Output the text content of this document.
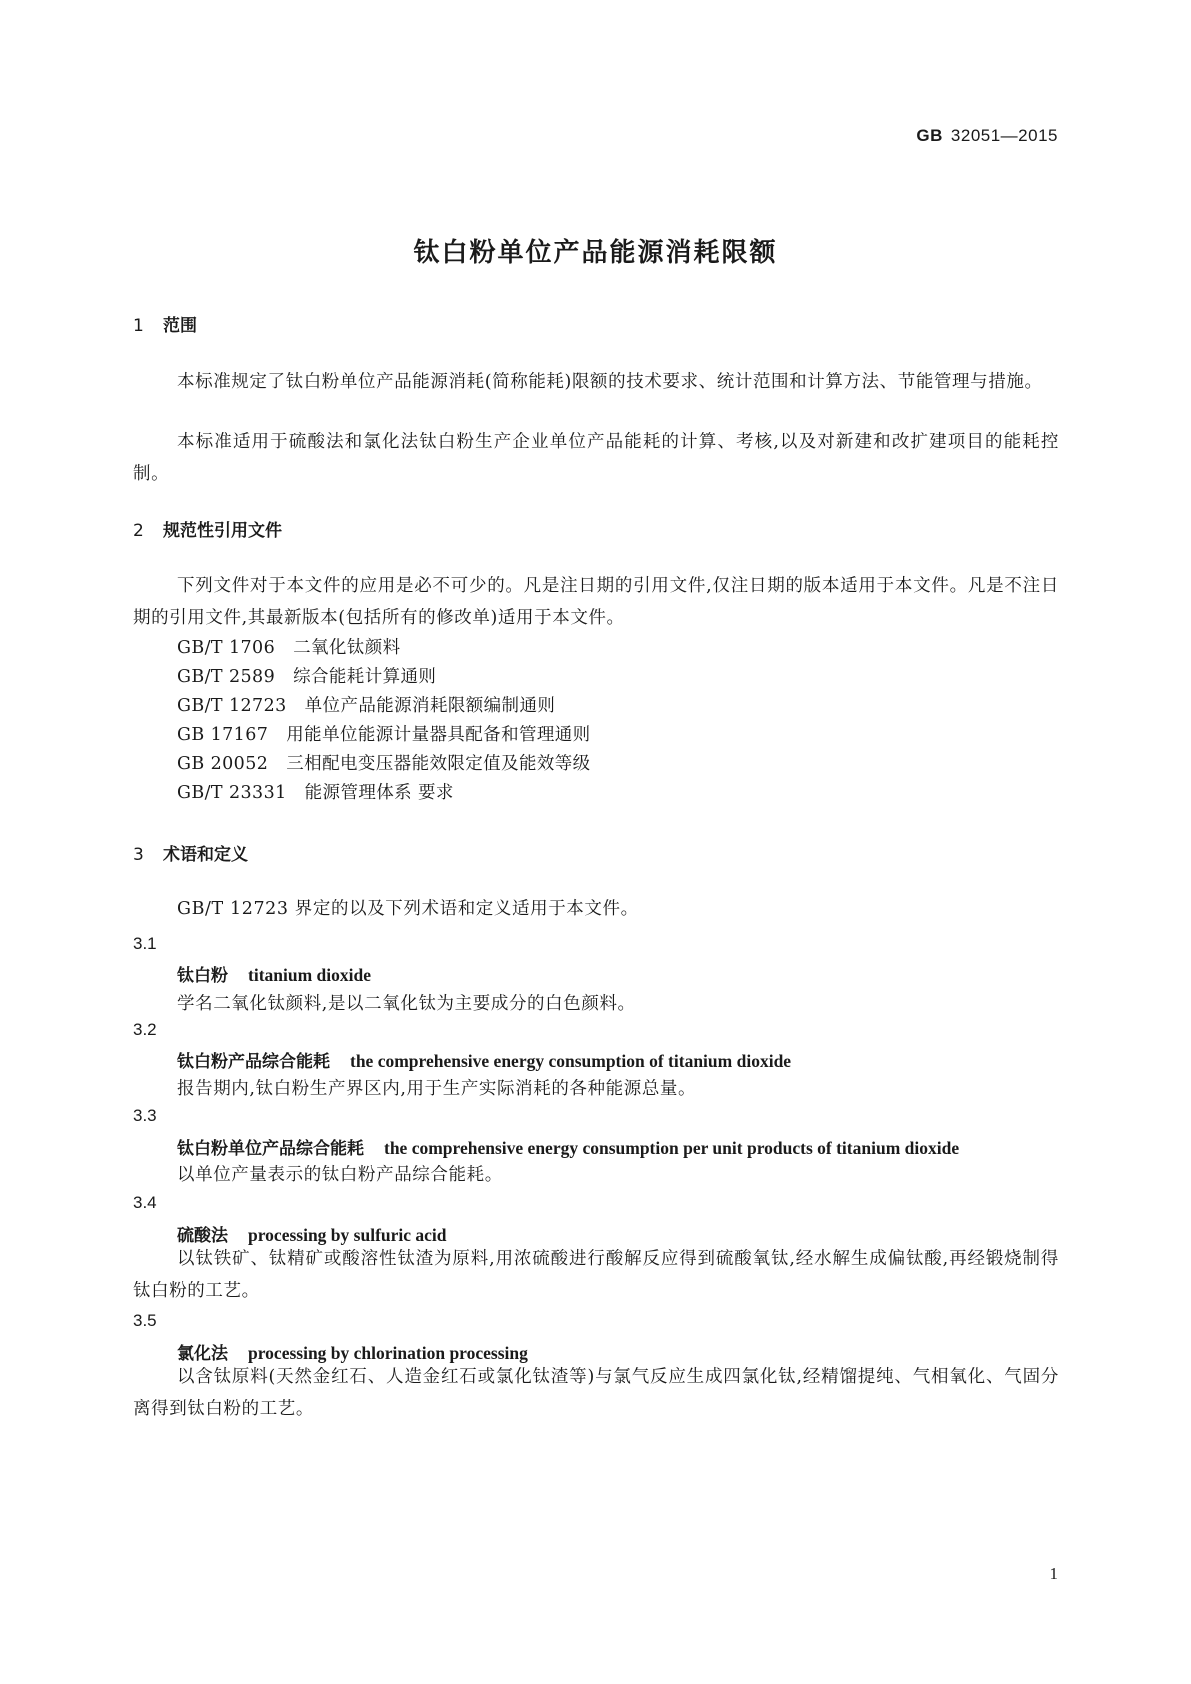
GB 32051—2015
钛白粉单位产品能源消耗限额
1 范围
本标准规定了钛白粉单位产品能源消耗(简称能耗)限额的技术要求、统计范围和计算方法、节能管理与措施。
本标准适用于硫酸法和氯化法钛白粉生产企业单位产品能耗的计算、考核,以及对新建和改扩建项目的能耗控制。
2 规范性引用文件
下列文件对于本文件的应用是必不可少的。凡是注日期的引用文件,仅注日期的版本适用于本文件。凡是不注日期的引用文件,其最新版本(包括所有的修改单)适用于本文件。
GB/T 1706 二氧化钛颜料
GB/T 2589 综合能耗计算通则
GB/T 12723 单位产品能源消耗限额编制通则
GB 17167 用能单位能源计量器具配备和管理通则
GB 20052 三相配电变压器能效限定值及能效等级
GB/T 23331 能源管理体系 要求
3 术语和定义
GB/T 12723 界定的以及下列术语和定义适用于本文件。
3.1
钛白粉 titanium dioxide
学名二氧化钛颜料,是以二氧化钛为主要成分的白色颜料。
3.2
钛白粉产品综合能耗 the comprehensive energy consumption of titanium dioxide
报告期内,钛白粉生产界区内,用于生产实际消耗的各种能源总量。
3.3
钛白粉单位产品综合能耗 the comprehensive energy consumption per unit products of titanium dioxide
以单位产量表示的钛白粉产品综合能耗。
3.4
硫酸法 processing by sulfuric acid
以钛铁矿、钛精矿或酸溶性钛渣为原料,用浓硫酸进行酸解反应得到硫酸氧钛,经水解生成偏钛酸,再经锻烧制得钛白粉的工艺。
3.5
氯化法 processing by chlorination processing
以含钛原料(天然金红石、人造金红石或氯化钛渣等)与氯气反应生成四氯化钛,经精馏提纯、气相氧化、气固分离得到钛白粉的工艺。
1
